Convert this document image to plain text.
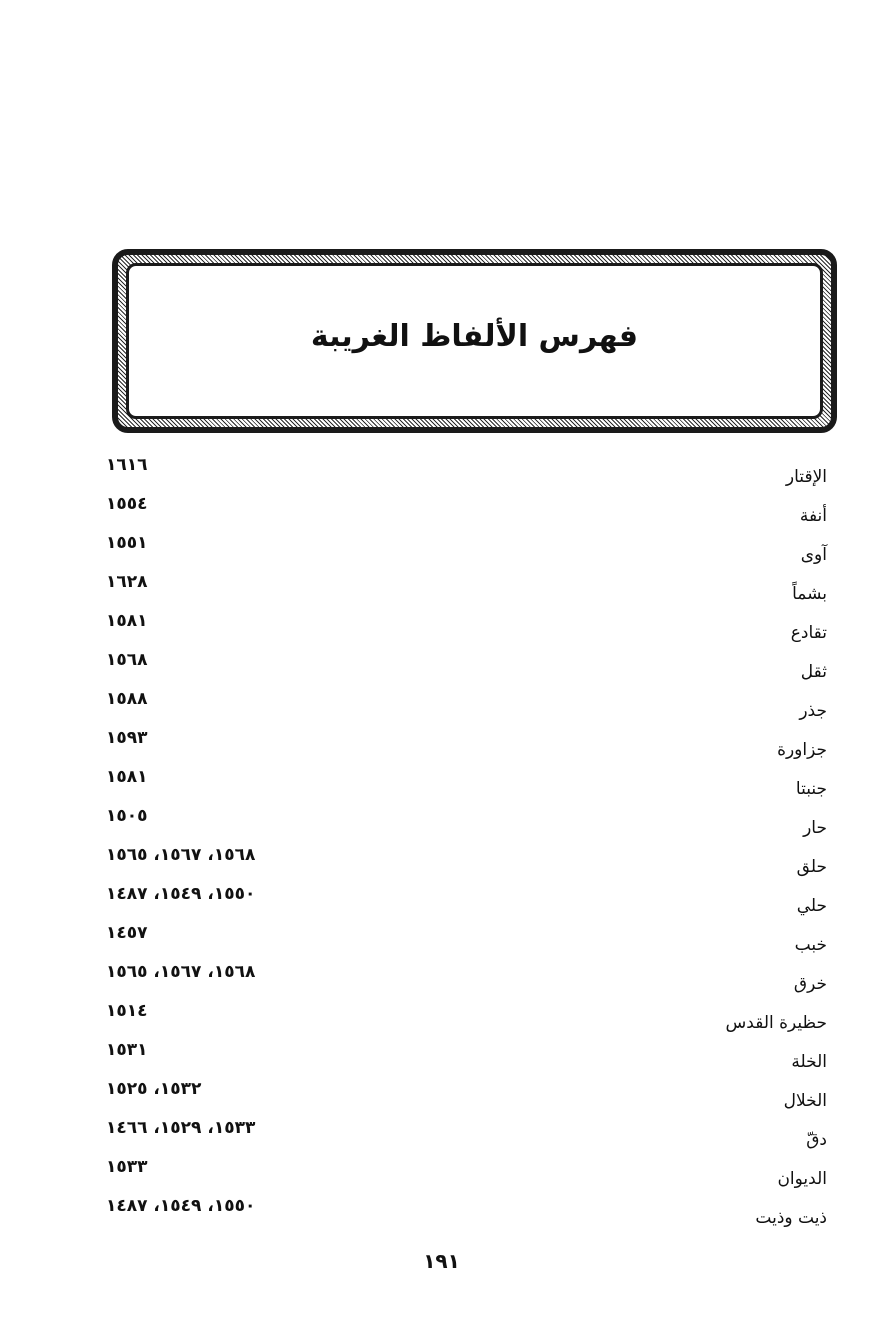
فهرس الألفاظ الغريبة
الإقتار
١٦١٦
أنفة
١٥٥٤
آوى
١٥٥١
بشماً
١٦٢٨
تقادع
١٥٨١
ثقل
١٥٦٨
جذر
١٥٨٨
جزاورة
١٥٩٣
جنبتا
١٥٨١
حار
١٥٠٥
حلق
١٥٦٨، ١٥٦٧، ١٥٦٥
حلي
١٥٥٠، ١٥٤٩، ١٤٨٧
خبب
١٤٥٧
خرق
١٥٦٨، ١٥٦٧، ١٥٦٥
حظيرة القدس
١٥١٤
الخلة
١٥٣١
الخلال
١٥٣٢، ١٥٢٥
دقّ
١٥٣٣، ١٥٢٩، ١٤٦٦
الديوان
١٥٣٣
ذيت وذيت
١٥٥٠، ١٥٤٩، ١٤٨٧
١٩١
